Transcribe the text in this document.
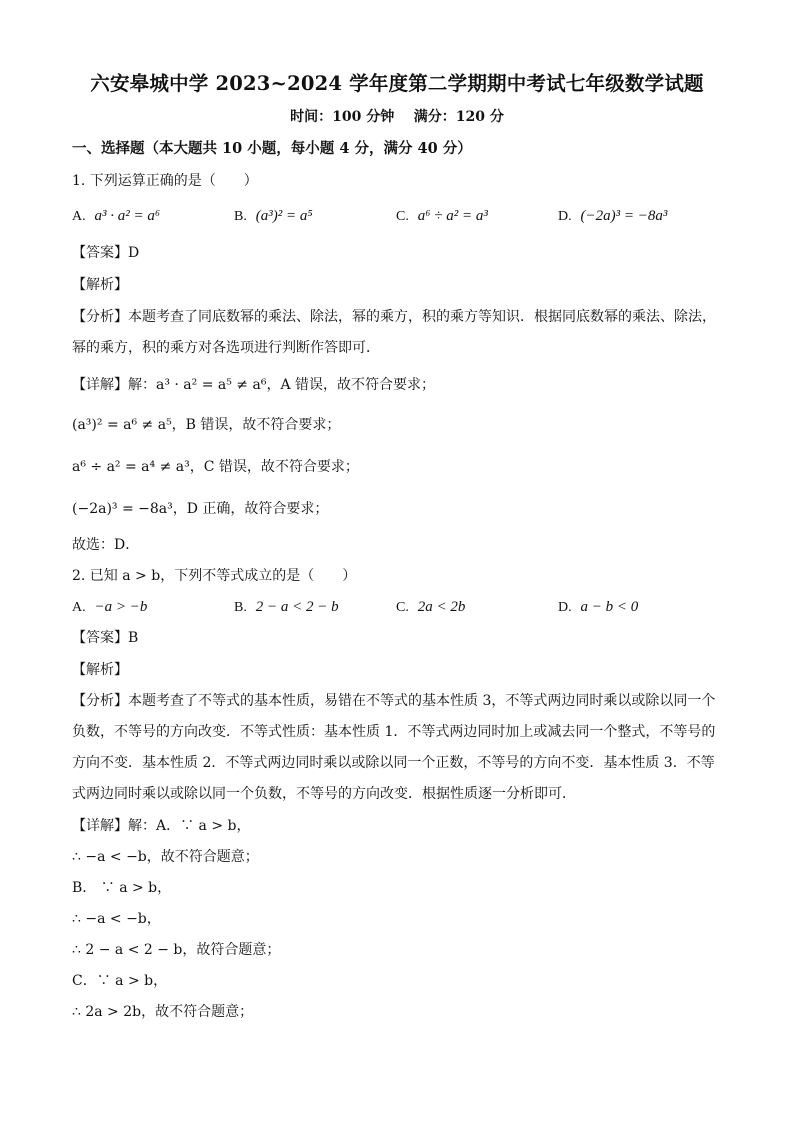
六安皋城中学 2023~2024 学年度第二学期期中考试七年级数学试题
时间：100 分钟    满分：120 分
一、选择题（本大题共 10 小题，每小题 4 分，满分 40 分）
1. 下列运算正确的是（　　）
A. a³ · a² = a⁶	B. (a³)² = a⁵	C. a⁶ ÷ a² = a³	D. (−2a)³ = −8a³
【答案】D
【解析】
【分析】本题考查了同底数幂的乘法、除法，幂的乘方，积的乘方等知识．根据同底数幂的乘法、除法，
幂的乘方，积的乘方对各选项进行判断作答即可．
【详解】解：a³ · a² = a⁵ ≠ a⁶，A 错误，故不符合要求；
(a³)² = a⁶ ≠ a⁵，B 错误，故不符合要求；
a⁶ ÷ a² = a⁴ ≠ a³，C 错误，故不符合要求；
(−2a)³ = −8a³，D 正确，故符合要求；
故选：D．
2. 已知 a > b，下列不等式成立的是（　　）
A. −a > −b	B. 2 − a < 2 − b	C. 2a < 2b	D. a − b < 0
【答案】B
【解析】
【分析】本题考查了不等式的基本性质，易错在不等式的基本性质 3，不等式两边同时乘以或除以同一个
负数，不等号的方向改变．不等式性质：基本性质 1．不等式两边同时加上或减去同一个整式，不等号的
方向不变．基本性质 2．不等式两边同时乘以或除以同一个正数，不等号的方向不变．基本性质 3．不等
式两边同时乘以或除以同一个负数，不等号的方向改变．根据性质逐一分析即可．
【详解】解：A．∵ a > b，
∴ −a < −b，故不符合题意；
B． ∵ a > b，
∴ −a < −b，
∴ 2 − a < 2 − b，故符合题意；
C．∵ a > b，
∴ 2a > 2b，故不符合题意；
